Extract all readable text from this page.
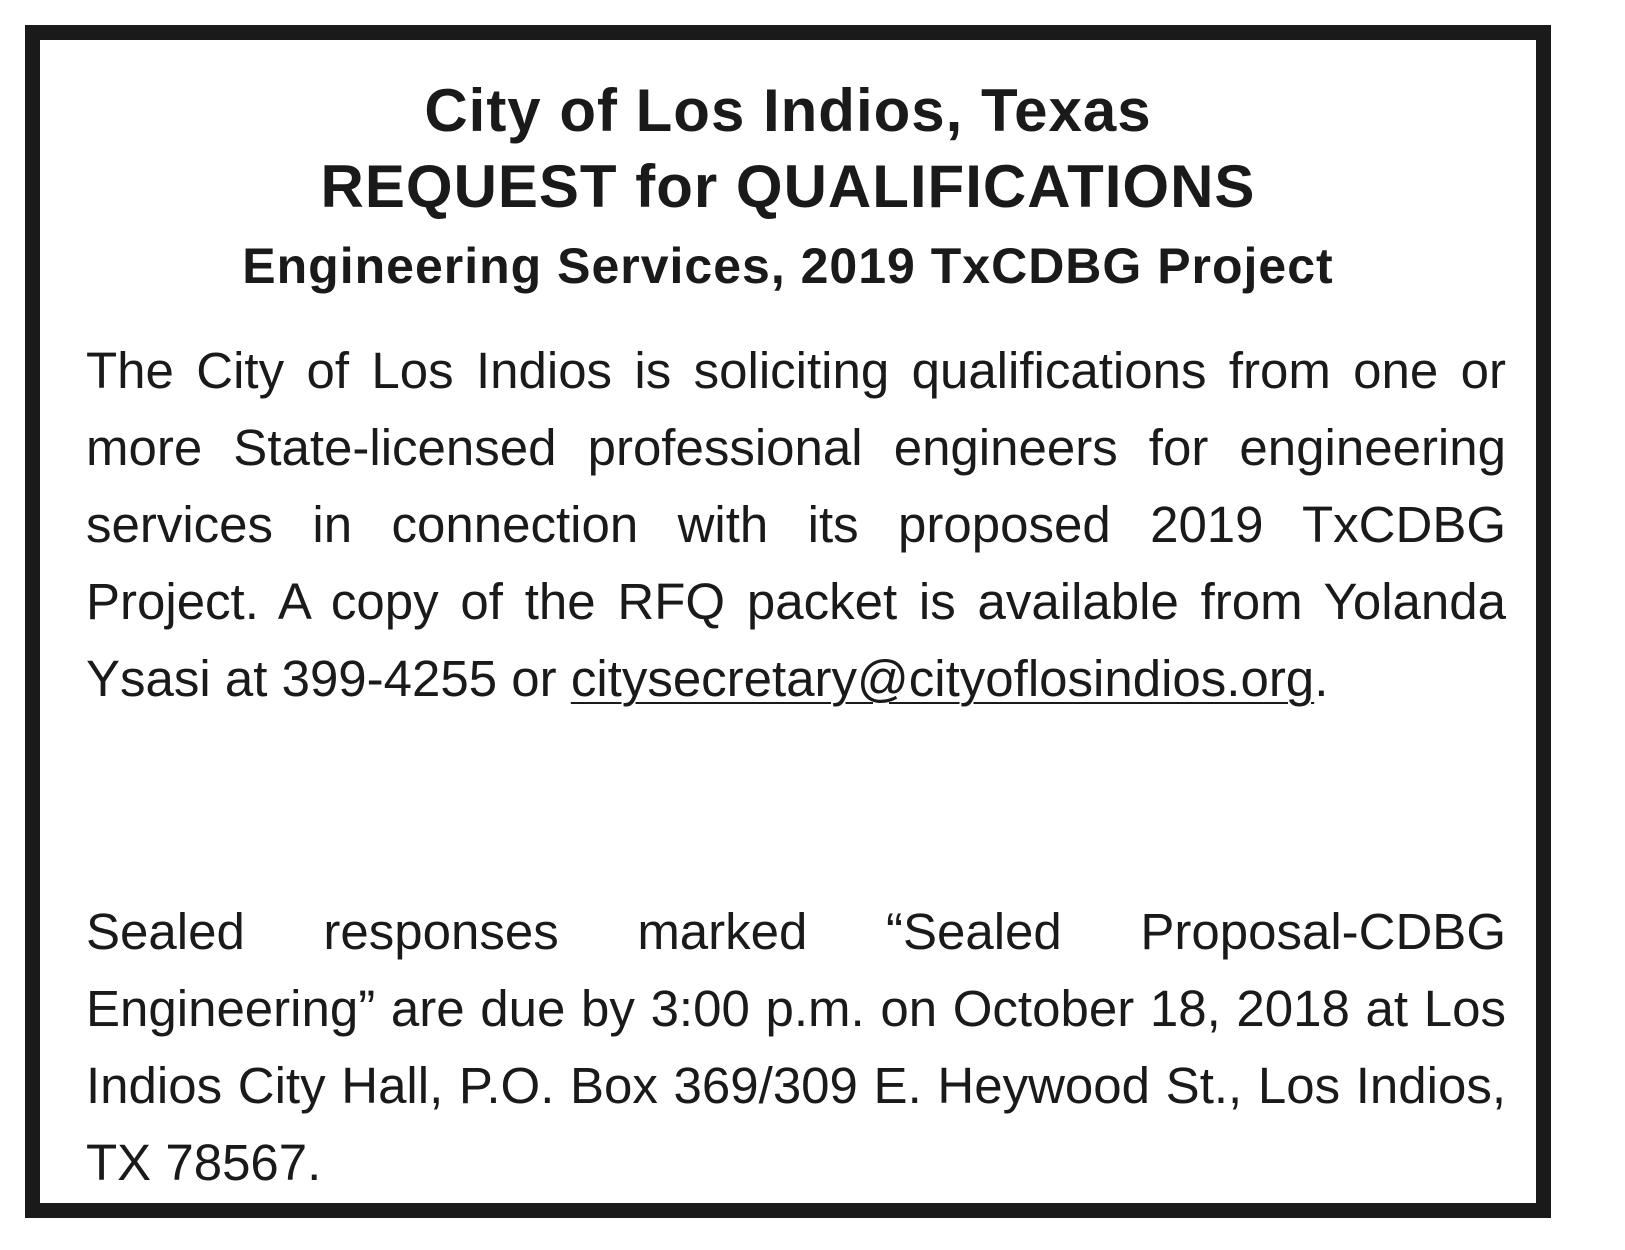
City of Los Indios, Texas
REQUEST for QUALIFICATIONS
Engineering Services, 2019 TxCDBG Project

The City of Los Indios is soliciting qualifications from one or more State-licensed professional engineers for engineering services in connection with its proposed 2019 TxCDBG Project. A copy of the RFQ packet is available from Yolanda Ysasi at 399-4255 or citysecretary@cityoflosindios.org.

Sealed responses marked “Sealed Proposal-CDBG Engineering” are due by 3:00 p.m. on October 18, 2018 at Los Indios City Hall, P.O. Box 369/309 E. Heywood St., Los Indios, TX 78567.
